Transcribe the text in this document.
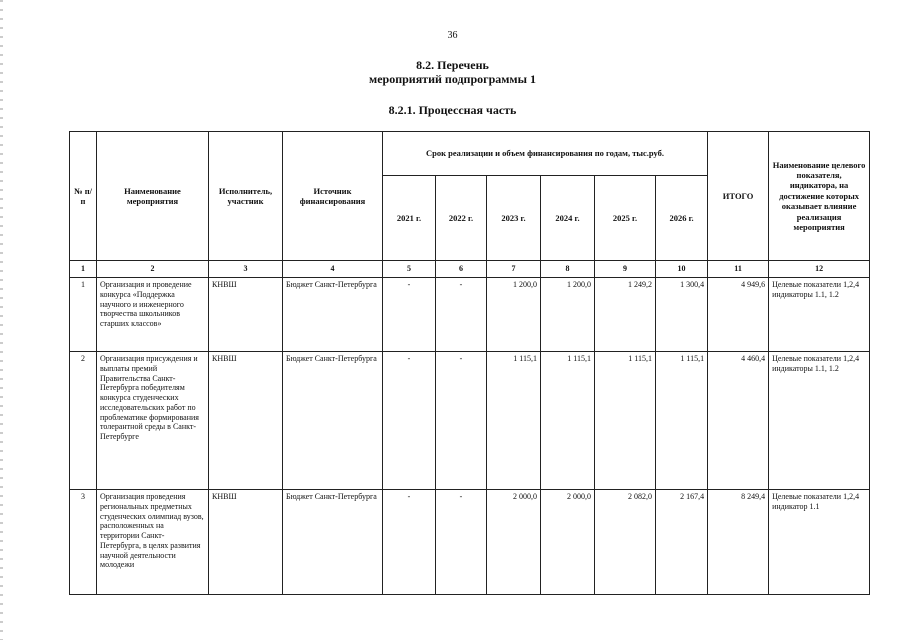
36
8.2. Перечень
мероприятий подпрограммы 1
8.2.1. Процессная часть
№ п/п	Наименование мероприятия	Исполнитель, участник	Источник финансирования	Срок реализации и объем финансирования по годам, тыс.руб.						ИТОГО	Наименование целевого показателя, индикатора, на достижение которых оказывает влияние реализация мероприятия
				2021 г.	2022 г.	2023 г.	2024 г.	2025 г.	2026 г.		
1	2	3	4	5	6	7	8	9	10	11	12
1	Организация и проведение конкурса «Поддержка научного и инженерного творчества школьников старших классов»	КНВШ	Бюджет Санкт-Петербурга	-	-	1 200,0	1 200,0	1 249,2	1 300,4	4 949,6	Целевые показатели 1,2,4 индикаторы 1.1, 1.2
2	Организация присуждения и выплаты премий Правительства Санкт-Петербурга победителям конкурса студенческих исследовательских работ по проблематике формирования толерантной среды в Санкт-Петербурге	КНВШ	Бюджет Санкт-Петербурга	-	-	1 115,1	1 115,1	1 115,1	1 115,1	4 460,4	Целевые показатели 1,2,4 индикаторы 1.1, 1.2
3	Организация проведения региональных предметных студенческих олимпиад вузов, расположенных на территории Санкт-Петербурга, в целях развития научной деятельности молодежи	КНВШ	Бюджет Санкт-Петербурга	-	-	2 000,0	2 000,0	2 082,0	2 167,4	8 249,4	Целевые показатели 1,2,4 индикатор 1.1
